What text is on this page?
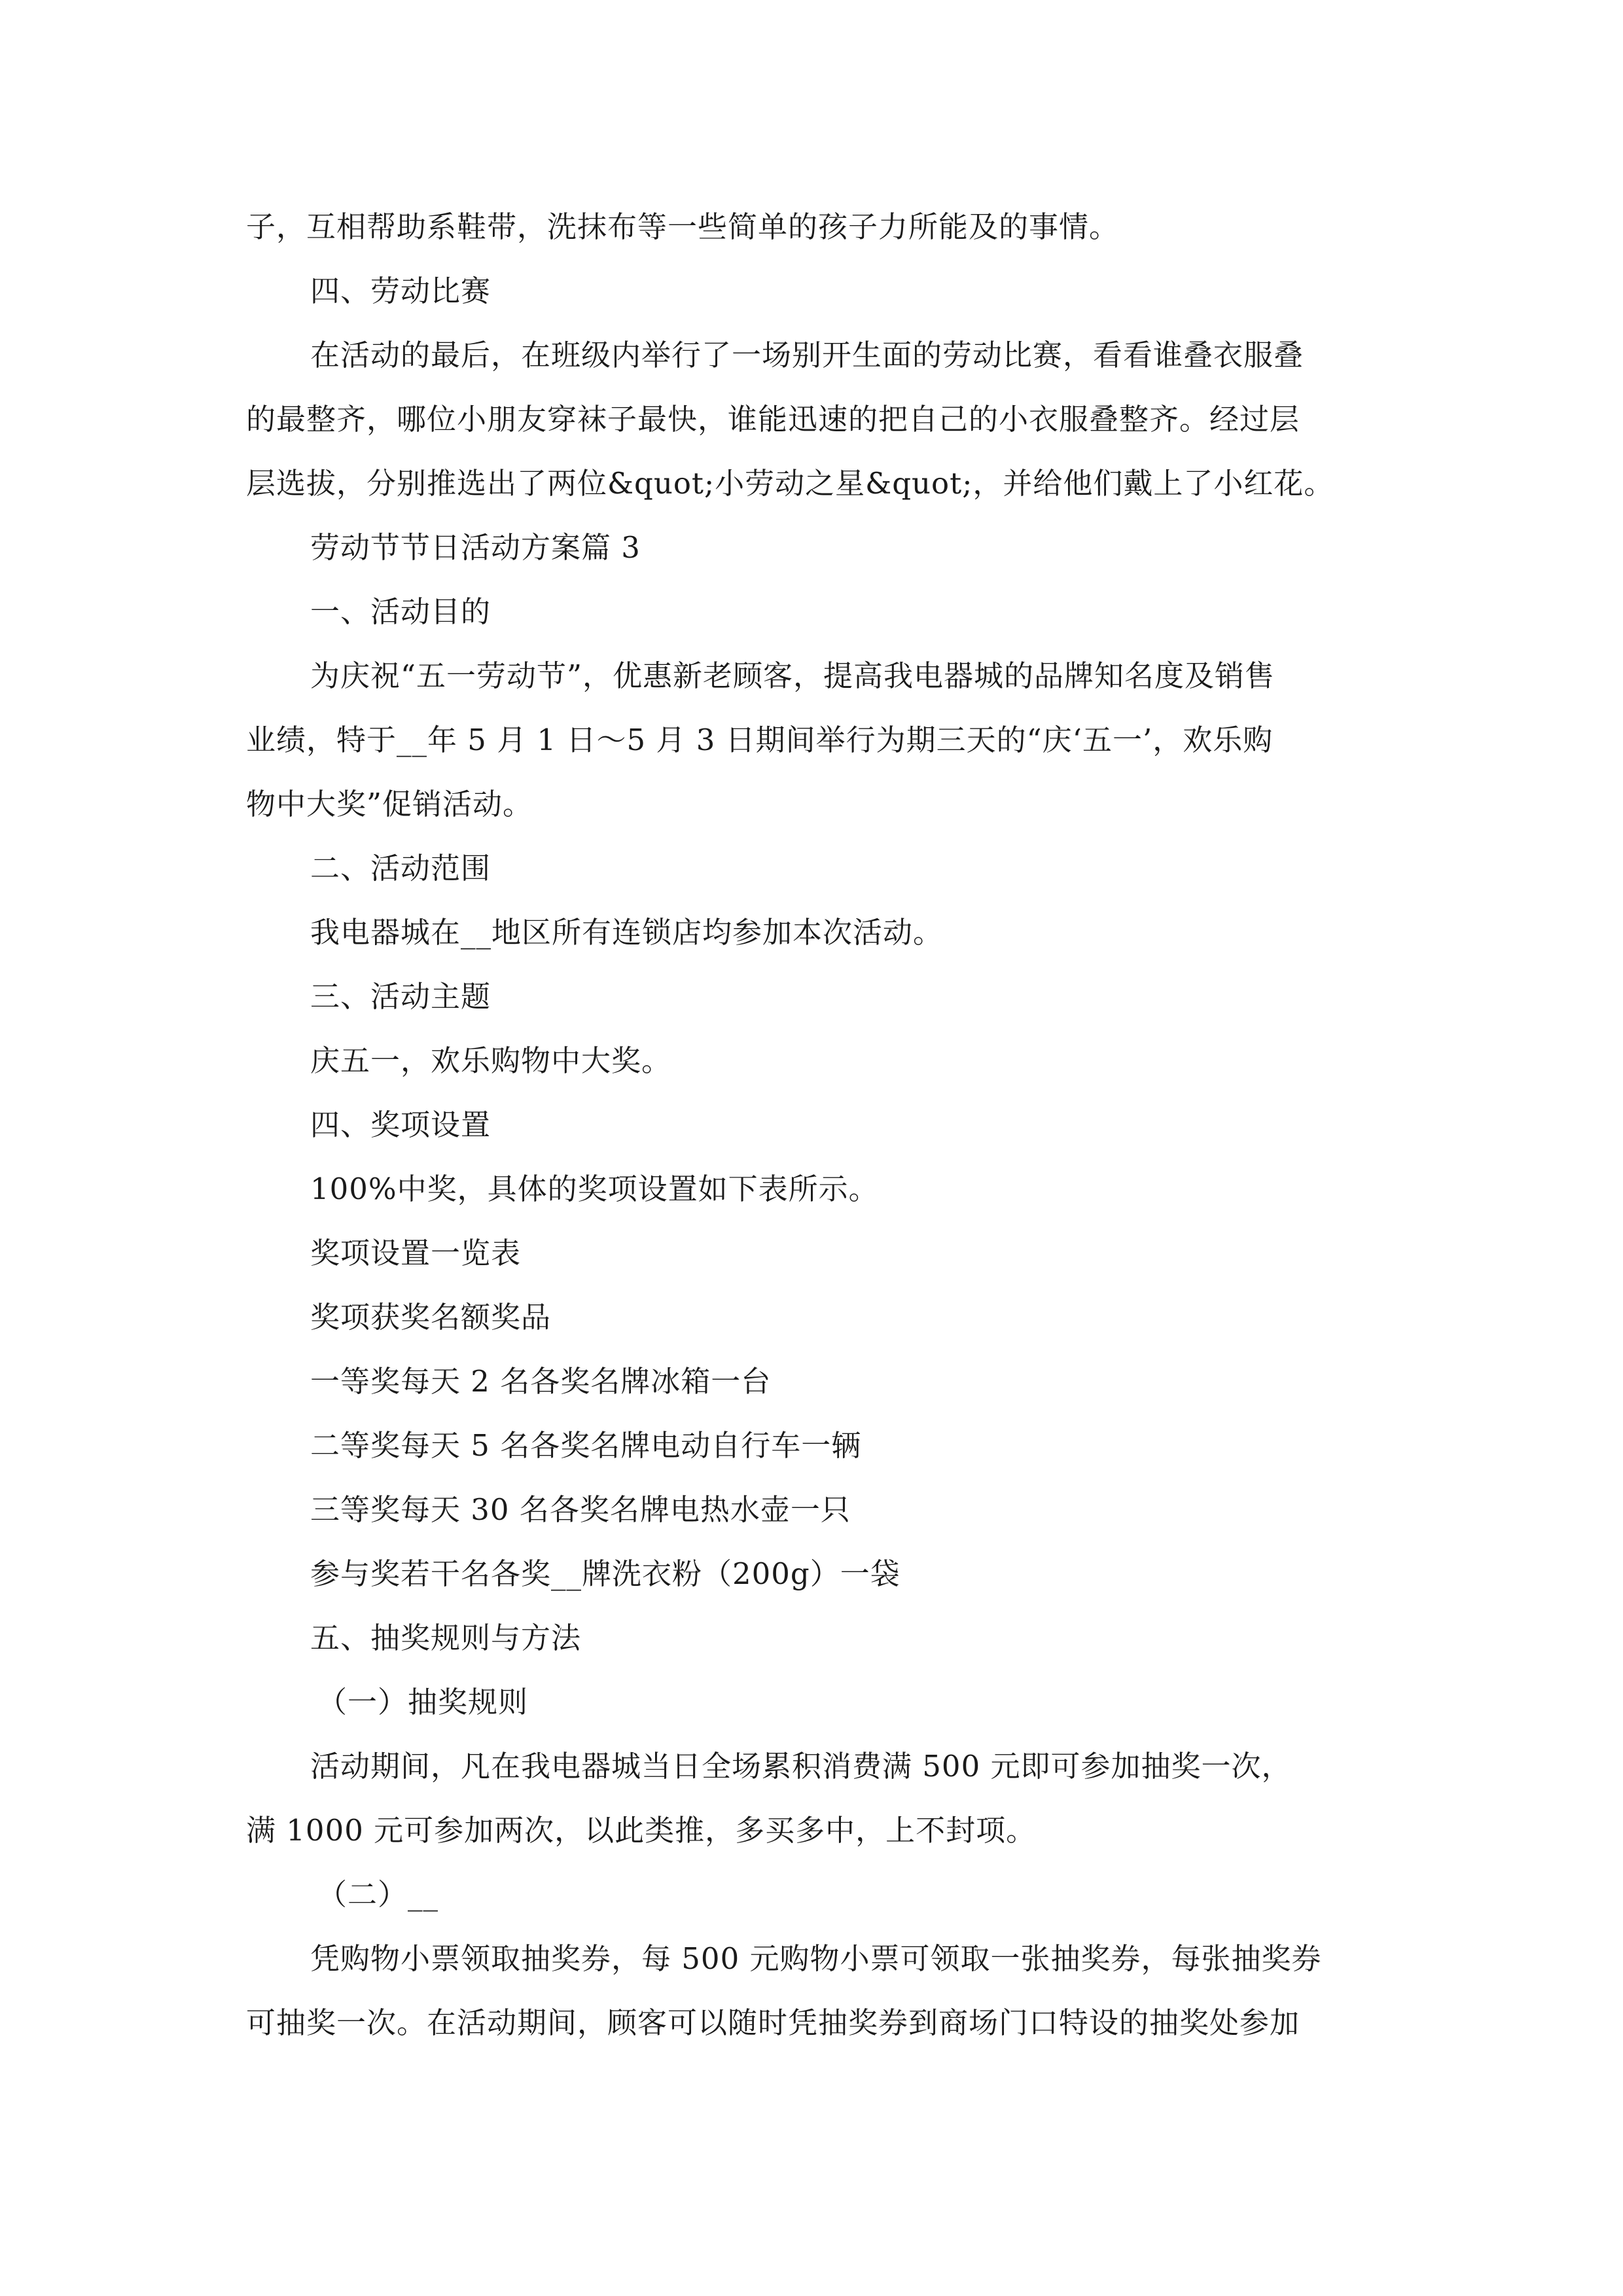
子，互相帮助系鞋带，洗抹布等一些简单的孩子力所能及的事情。
四、劳动比赛
在活动的最后，在班级内举行了一场别开生面的劳动比赛，看看谁叠衣服叠
的最整齐，哪位小朋友穿袜子最快，谁能迅速的把自己的小衣服叠整齐。经过层
层选拔，分别推选出了两位&quot;小劳动之星&quot;，并给他们戴上了小红花。
劳动节节日活动方案篇 3
一、活动目的
为庆祝“五一劳动节”，优惠新老顾客，提高我电器城的品牌知名度及销售
业绩，特于__年 5 月 1 日～5 月 3 日期间举行为期三天的“庆‘五一’，欢乐购
物中大奖”促销活动。
二、活动范围
我电器城在__地区所有连锁店均参加本次活动。
三、活动主题
庆五一，欢乐购物中大奖。
四、奖项设置
100%中奖，具体的奖项设置如下表所示。
奖项设置一览表
奖项获奖名额奖品
一等奖每天 2 名各奖名牌冰箱一台
二等奖每天 5 名各奖名牌电动自行车一辆
三等奖每天 30 名各奖名牌电热水壶一只
参与奖若干名各奖__牌洗衣粉（200g）一袋
五、抽奖规则与方法
（一）抽奖规则
活动期间，凡在我电器城当日全场累积消费满 500 元即可参加抽奖一次，
满 1000 元可参加两次，以此类推，多买多中，上不封项。
（二）__
凭购物小票领取抽奖券，每 500 元购物小票可领取一张抽奖券，每张抽奖券
可抽奖一次。在活动期间，顾客可以随时凭抽奖券到商场门口特设的抽奖处参加
